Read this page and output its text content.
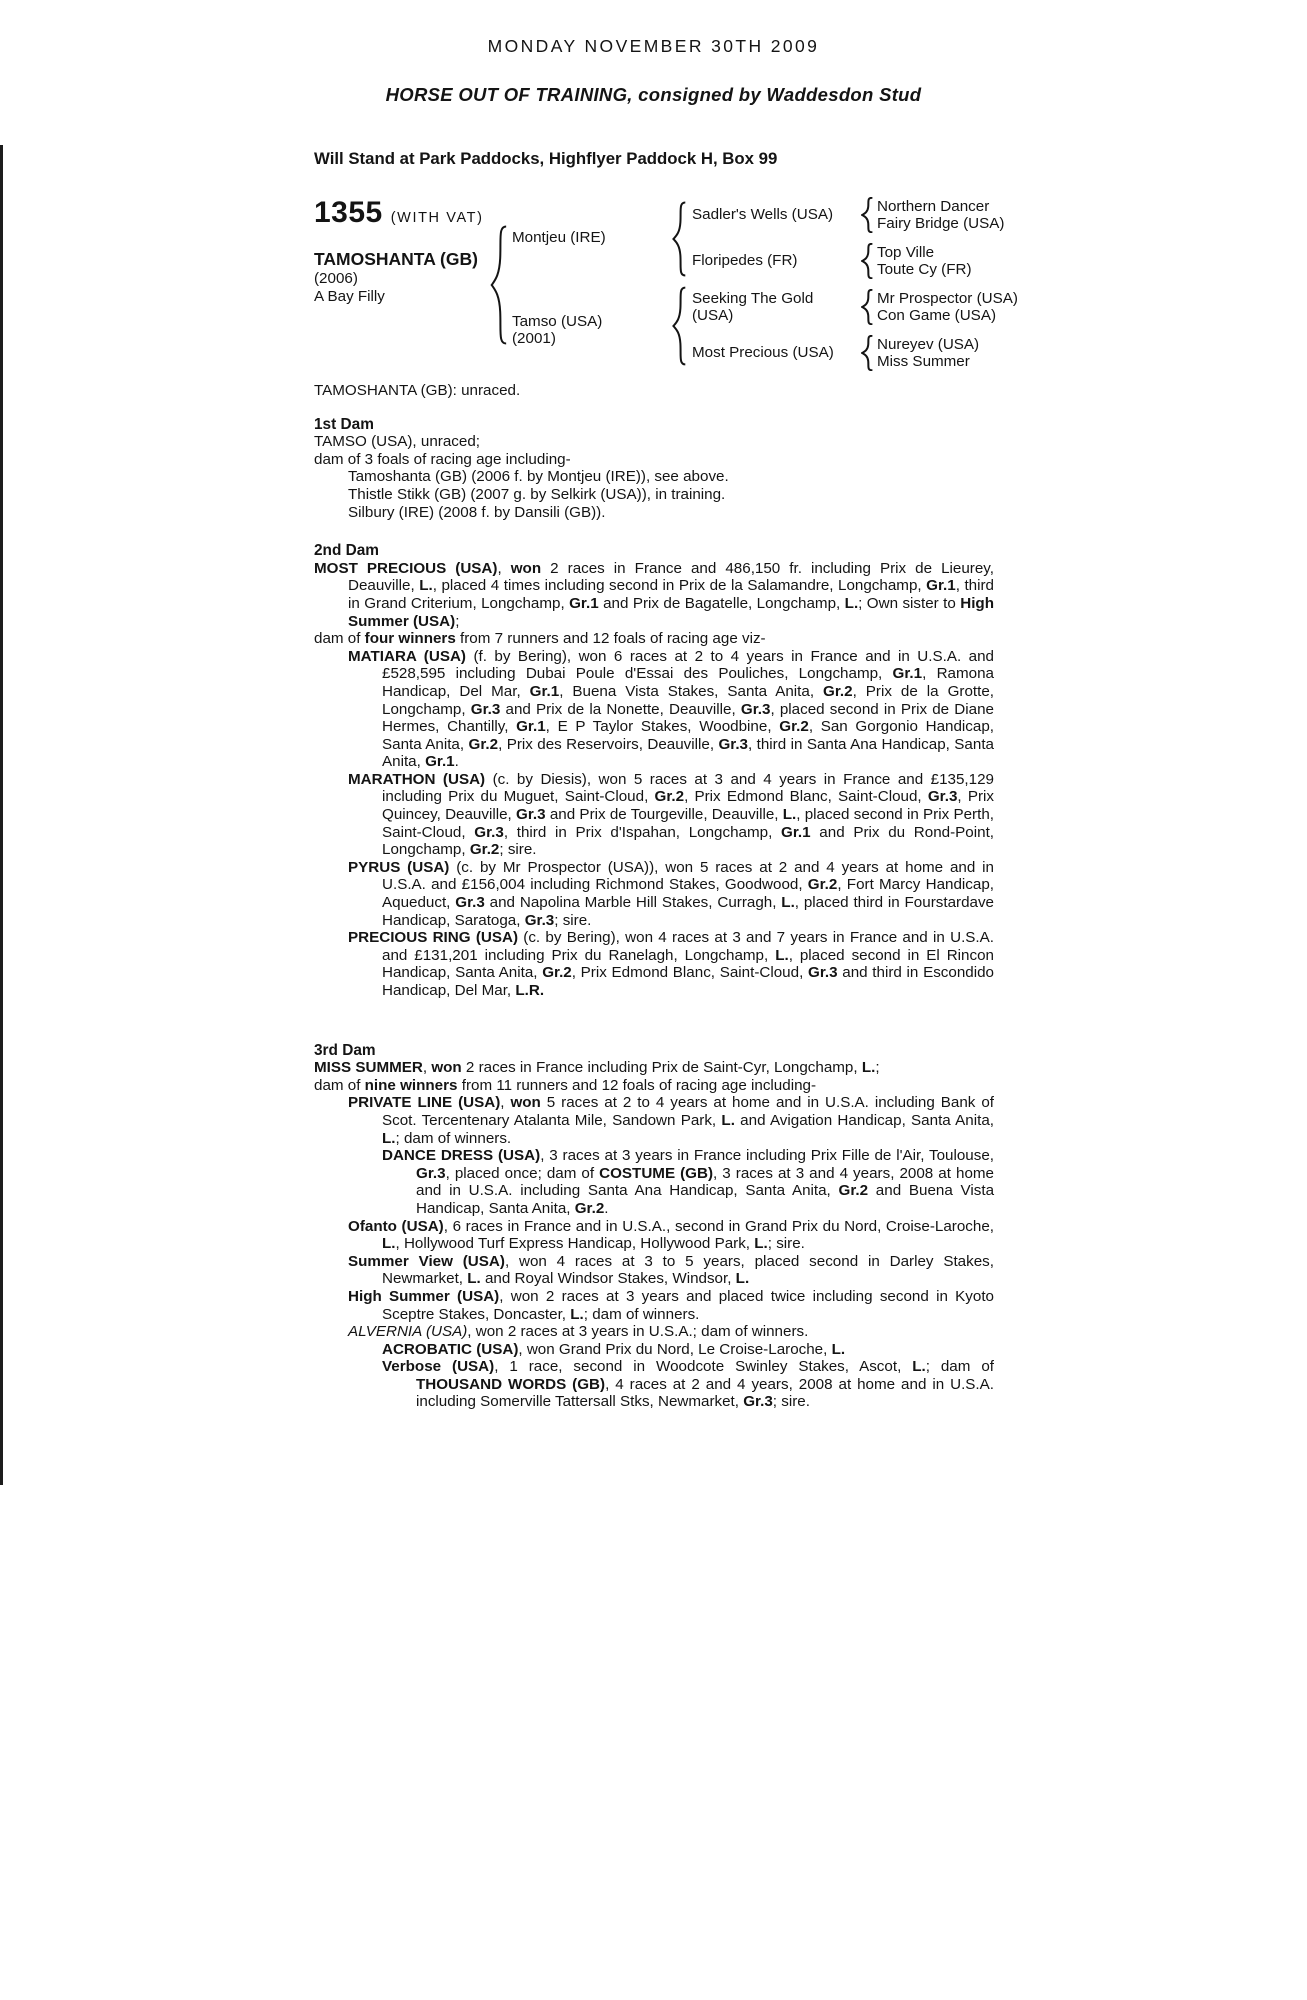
MONDAY NOVEMBER 30TH 2009
HORSE OUT OF TRAINING, consigned by Waddesdon Stud

Will Stand at Park Paddocks, Highflyer Paddock H, Box 99

1355 (WITH VAT)
TAMOSHANTA (GB)
(2006)
A Bay Filly
Montjeu (IRE)
Tamso (USA)
(2001)
Sadler's Wells (USA)
Floripedes (FR)
Seeking The Gold
(USA)
Most Precious (USA)
Northern Dancer
Fairy Bridge (USA)
Top Ville
Toute Cy (FR)
Mr Prospector (USA)
Con Game (USA)
Nureyev (USA)
Miss Summer

TAMOSHANTA (GB): unraced.

1st Dam

TAMSO (USA), unraced;

dam of 3 foals of racing age including-

Tamoshanta (GB) (2006 f. by Montjeu (IRE)), see above.

Thistle Stikk (GB) (2007 g. by Selkirk (USA)), in training.

Silbury (IRE) (2008 f. by Dansili (GB)).

2nd Dam

MOST PRECIOUS (USA), won 2 races in France and 486,150 fr. including Prix de Lieurey, Deauville, L., placed 4 times including second in Prix de la Salamandre, Longchamp, Gr.1, third in Grand Criterium, Longchamp, Gr.1 and Prix de Bagatelle, Longchamp, L.; Own sister to High Summer (USA);

dam of four winners from 7 runners and 12 foals of racing age viz-

MATIARA (USA) (f. by Bering), won 6 races at 2 to 4 years in France and in U.S.A. and £528,595 including Dubai Poule d'Essai des Pouliches, Longchamp, Gr.1, Ramona Handicap, Del Mar, Gr.1, Buena Vista Stakes, Santa Anita, Gr.2, Prix de la Grotte, Longchamp, Gr.3 and Prix de la Nonette, Deauville, Gr.3, placed second in Prix de Diane Hermes, Chantilly, Gr.1, E P Taylor Stakes, Woodbine, Gr.2, San Gorgonio Handicap, Santa Anita, Gr.2, Prix des Reservoirs, Deauville, Gr.3, third in Santa Ana Handicap, Santa Anita, Gr.1.

MARATHON (USA) (c. by Diesis), won 5 races at 3 and 4 years in France and £135,129 including Prix du Muguet, Saint-Cloud, Gr.2, Prix Edmond Blanc, Saint-Cloud, Gr.3, Prix Quincey, Deauville, Gr.3 and Prix de Tourgeville, Deauville, L., placed second in Prix Perth, Saint-Cloud, Gr.3, third in Prix d'Ispahan, Longchamp, Gr.1 and Prix du Rond-Point, Longchamp, Gr.2; sire.

PYRUS (USA) (c. by Mr Prospector (USA)), won 5 races at 2 and 4 years at home and in U.S.A. and £156,004 including Richmond Stakes, Goodwood, Gr.2, Fort Marcy Handicap, Aqueduct, Gr.3 and Napolina Marble Hill Stakes, Curragh, L., placed third in Fourstardave Handicap, Saratoga, Gr.3; sire.

PRECIOUS RING (USA) (c. by Bering), won 4 races at 3 and 7 years in France and in U.S.A. and £131,201 including Prix du Ranelagh, Longchamp, L., placed second in El Rincon Handicap, Santa Anita, Gr.2, Prix Edmond Blanc, Saint-Cloud, Gr.3 and third in Escondido Handicap, Del Mar, L.R.

3rd Dam

MISS SUMMER, won 2 races in France including Prix de Saint-Cyr, Longchamp, L.;

dam of nine winners from 11 runners and 12 foals of racing age including-

PRIVATE LINE (USA), won 5 races at 2 to 4 years at home and in U.S.A. including Bank of Scot. Tercentenary Atalanta Mile, Sandown Park, L. and Avigation Handicap, Santa Anita, L.; dam of winners.

DANCE DRESS (USA), 3 races at 3 years in France including Prix Fille de l'Air, Toulouse, Gr.3, placed once; dam of COSTUME (GB), 3 races at 3 and 4 years, 2008 at home and in U.S.A. including Santa Ana Handicap, Santa Anita, Gr.2 and Buena Vista Handicap, Santa Anita, Gr.2.

Ofanto (USA), 6 races in France and in U.S.A., second in Grand Prix du Nord, Croise-Laroche, L., Hollywood Turf Express Handicap, Hollywood Park, L.; sire.

Summer View (USA), won 4 races at 3 to 5 years, placed second in Darley Stakes, Newmarket, L. and Royal Windsor Stakes, Windsor, L.

High Summer (USA), won 2 races at 3 years and placed twice including second in Kyoto Sceptre Stakes, Doncaster, L.; dam of winners.

ALVERNIA (USA), won 2 races at 3 years in U.S.A.; dam of winners.

ACROBATIC (USA), won Grand Prix du Nord, Le Croise-Laroche, L.

Verbose (USA), 1 race, second in Woodcote Swinley Stakes, Ascot, L.; dam of THOUSAND WORDS (GB), 4 races at 2 and 4 years, 2008 at home and in U.S.A. including Somerville Tattersall Stks, Newmarket, Gr.3; sire.
